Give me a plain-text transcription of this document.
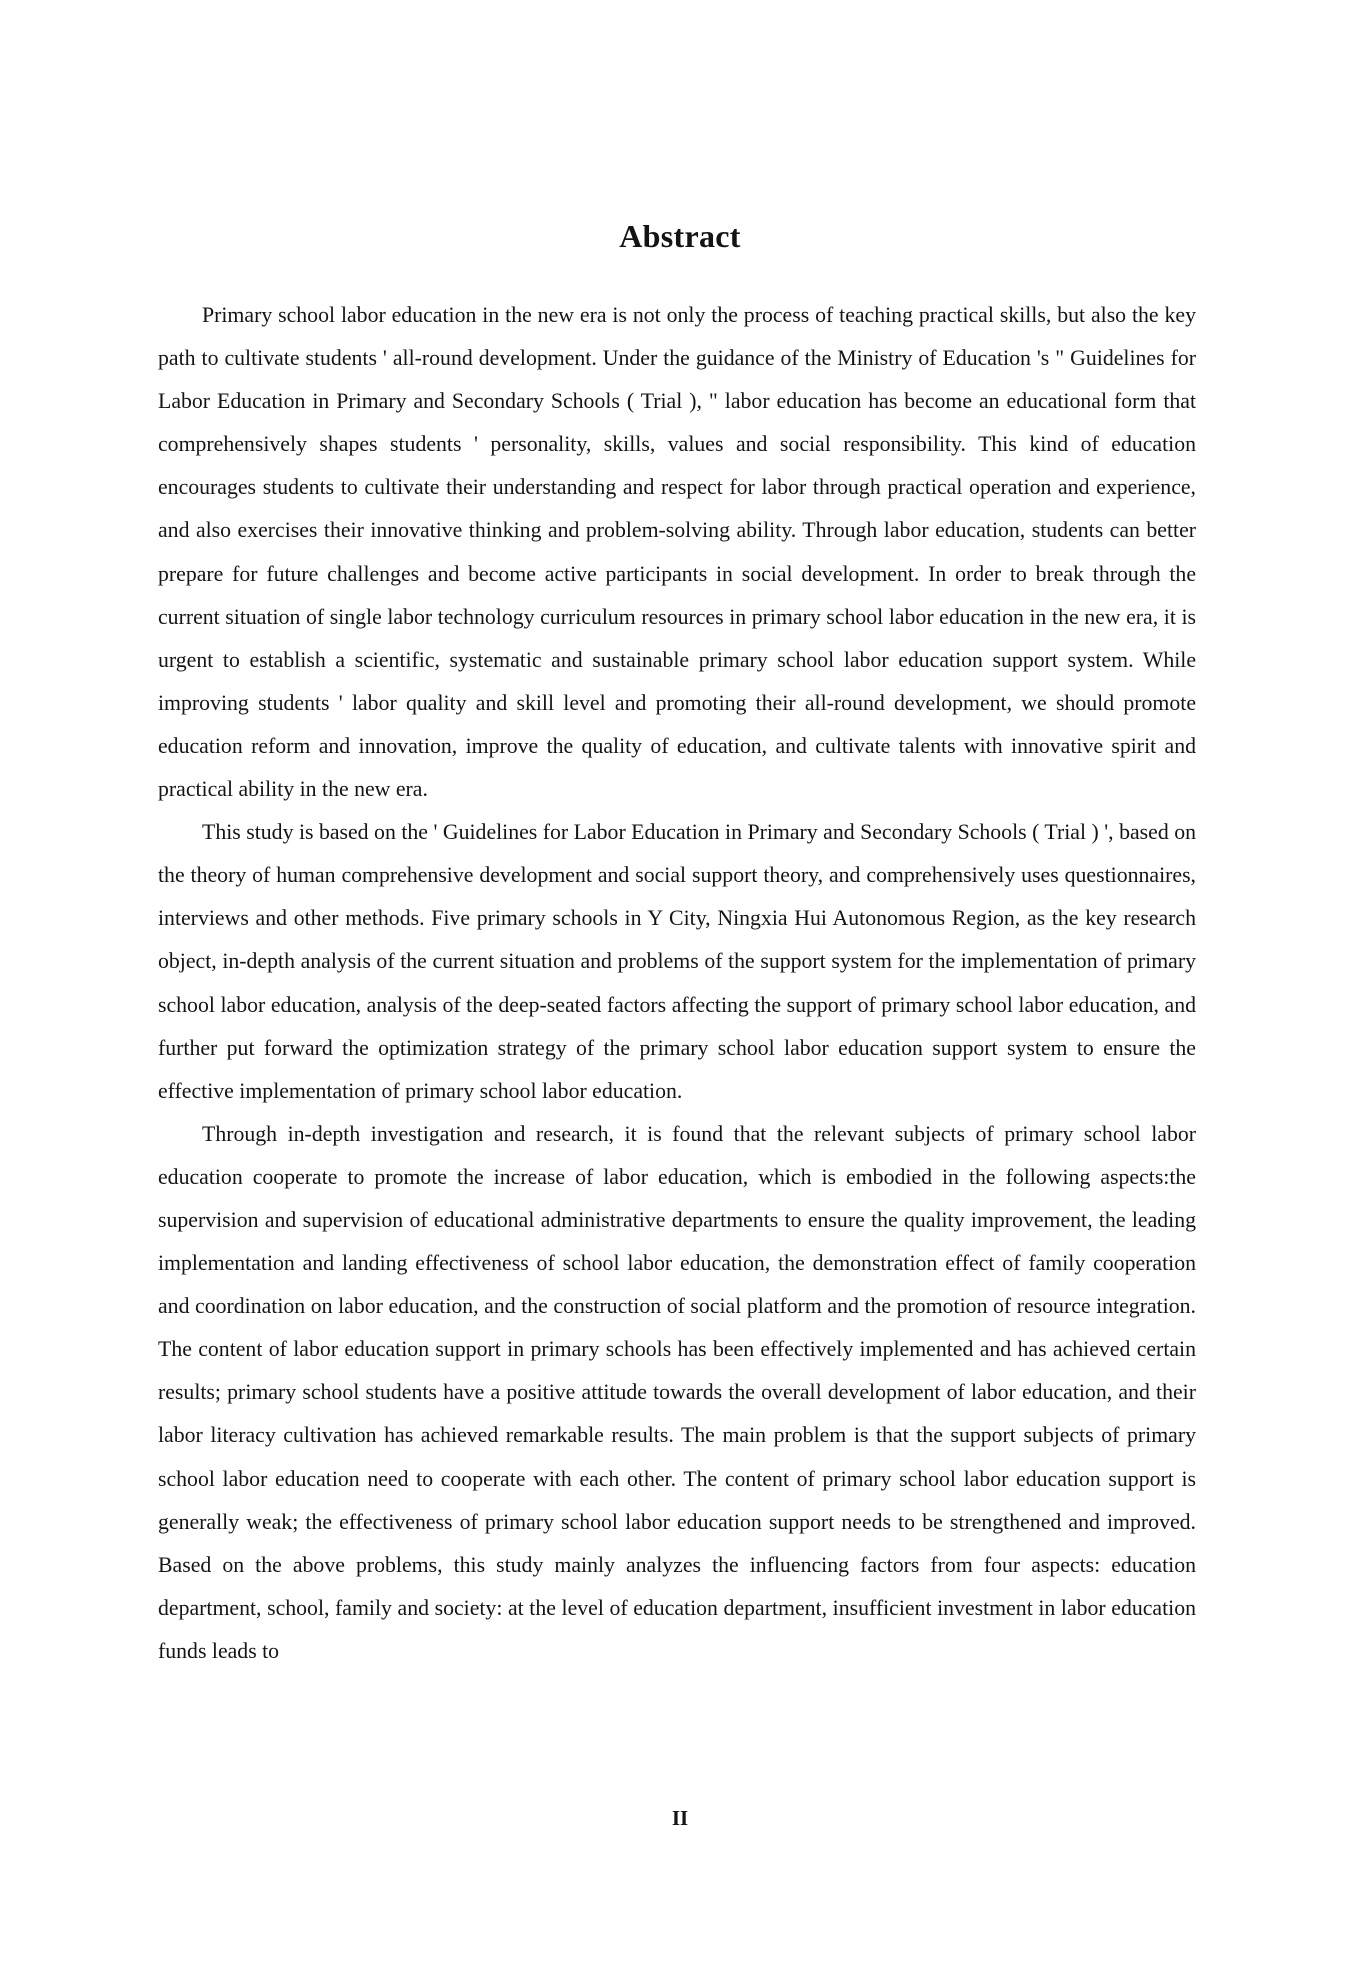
Abstract

Primary school labor education in the new era is not only the process of teaching practical skills, but also the key path to cultivate students ' all-round development. Under the guidance of the Ministry of Education 's " Guidelines for Labor Education in Primary and Secondary Schools ( Trial ), " labor education has become an educational form that comprehensively shapes students ' personality, skills, values and social responsibility. This kind of education encourages students to cultivate their understanding and respect for labor through practical operation and experience, and also exercises their innovative thinking and problem-solving ability. Through labor education, students can better prepare for future challenges and become active participants in social development. In order to break through the current situation of single labor technology curriculum resources in primary school labor education in the new era, it is urgent to establish a scientific, systematic and sustainable primary school labor education support system. While improving students ' labor quality and skill level and promoting their all-round development, we should promote education reform and innovation, improve the quality of education, and cultivate talents with innovative spirit and practical ability in the new era.

This study is based on the ' Guidelines for Labor Education in Primary and Secondary Schools ( Trial ) ', based on the theory of human comprehensive development and social support theory, and comprehensively uses questionnaires, interviews and other methods. Five primary schools in Y City, Ningxia Hui Autonomous Region, as the key research object, in-depth analysis of the current situation and problems of the support system for the implementation of primary school labor education, analysis of the deep-seated factors affecting the support of primary school labor education, and further put forward the optimization strategy of the primary school labor education support system to ensure the effective implementation of primary school labor education.

Through in-depth investigation and research, it is found that the relevant subjects of primary school labor education cooperate to promote the increase of labor education, which is embodied in the following aspects:the supervision and supervision of educational administrative departments to ensure the quality improvement, the leading implementation and landing effectiveness of school labor education, the demonstration effect of family cooperation and coordination on labor education, and the construction of social platform and the promotion of resource integration. The content of labor education support in primary schools has been effectively implemented and has achieved certain results; primary school students have a positive attitude towards the overall development of labor education, and their labor literacy cultivation has achieved remarkable results. The main problem is that the support subjects of primary school labor education need to cooperate with each other. The content of primary school labor education support is generally weak; the effectiveness of primary school labor education support needs to be strengthened and improved. Based on the above problems, this study mainly analyzes the influencing factors from four aspects: education department, school, family and society: at the level of education department, insufficient investment in labor education funds leads to

II
